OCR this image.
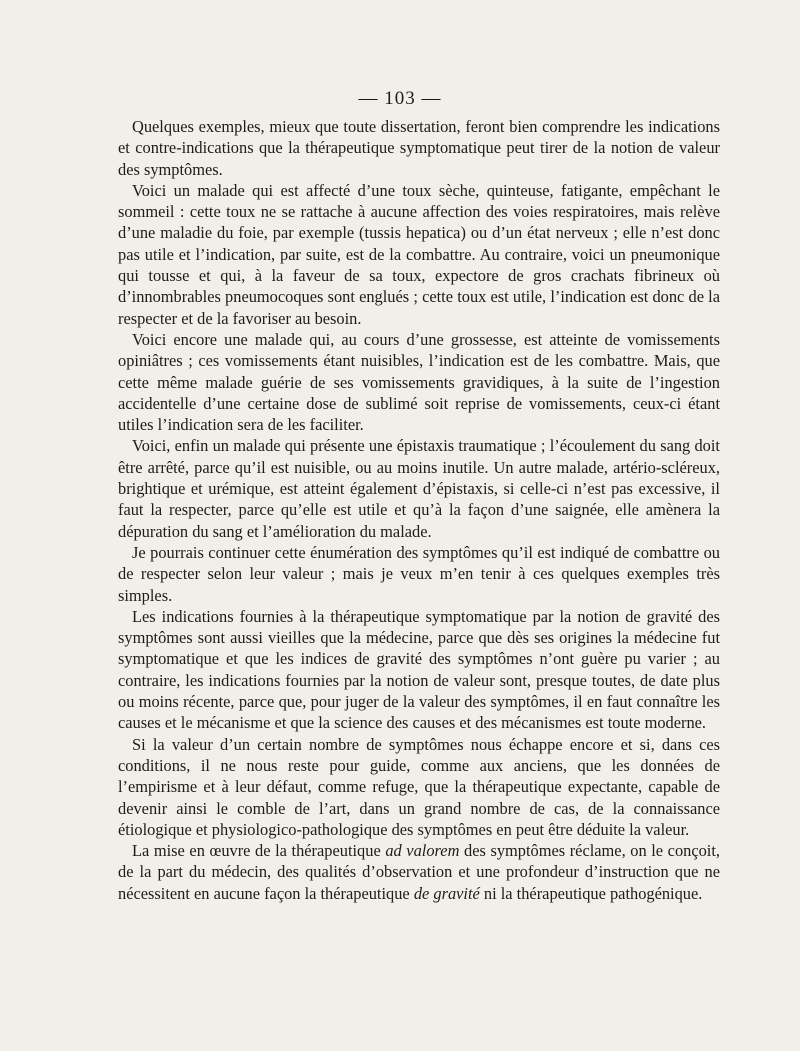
— 103 —

Quelques exemples, mieux que toute dissertation, feront bien comprendre les indications et contre-indications que la thérapeutique symptomatique peut tirer de la notion de valeur des symptômes.

Voici un malade qui est affecté d’une toux sèche, quinteuse, fatigante, empêchant le sommeil : cette toux ne se rattache à aucune affection des voies respiratoires, mais relève d’une maladie du foie, par exemple (tussis hepatica) ou d’un état nerveux ; elle n’est donc pas utile et l’indication, par suite, est de la combattre. Au contraire, voici un pneumonique qui tousse et qui, à la faveur de sa toux, expectore de gros crachats fibrineux où d’innombrables pneumocoques sont englués ; cette toux est utile, l’indication est donc de la respecter et de la favoriser au besoin.

Voici encore une malade qui, au cours d’une grossesse, est atteinte de vomissements opiniâtres ; ces vomissements étant nuisibles, l’indication est de les combattre. Mais, que cette même malade guérie de ses vomissements gravidiques, à la suite de l’ingestion accidentelle d’une certaine dose de sublimé soit reprise de vomissements, ceux-ci étant utiles l’indication sera de les faciliter.

Voici, enfin un malade qui présente une épistaxis traumatique ; l’écoulement du sang doit être arrêté, parce qu’il est nuisible, ou au moins inutile. Un autre malade, artério-scléreux, brightique et urémique, est atteint également d’épistaxis, si celle-ci n’est pas excessive, il faut la respecter, parce qu’elle est utile et qu’à la façon d’une saignée, elle amènera la dépuration du sang et l’amélioration du malade.

Je pourrais continuer cette énumération des symptômes qu’il est indiqué de combattre ou de respecter selon leur valeur ; mais je veux m’en tenir à ces quelques exemples très simples.

Les indications fournies à la thérapeutique symptomatique par la notion de gravité des symptômes sont aussi vieilles que la médecine, parce que dès ses origines la médecine fut symptomatique et que les indices de gravité des symptômes n’ont guère pu varier ; au contraire, les indications fournies par la notion de valeur sont, presque toutes, de date plus ou moins récente, parce que, pour juger de la valeur des symptômes, il en faut connaître les causes et le mécanisme et que la science des causes et des mécanismes est toute moderne.

Si la valeur d’un certain nombre de symptômes nous échappe encore et si, dans ces conditions, il ne nous reste pour guide, comme aux anciens, que les données de l’empirisme et à leur défaut, comme refuge, que la thérapeutique expectante, capable de devenir ainsi le comble de l’art, dans un grand nombre de cas, de la connaissance étiologique et physiologico-pathologique des symptômes en peut être déduite la valeur.

La mise en œuvre de la thérapeutique ad valorem des symptômes réclame, on le conçoit, de la part du médecin, des qualités d’observation et une profondeur d’instruction que ne nécessitent en aucune façon la thérapeutique de gravité ni la thérapeutique pathogénique.
